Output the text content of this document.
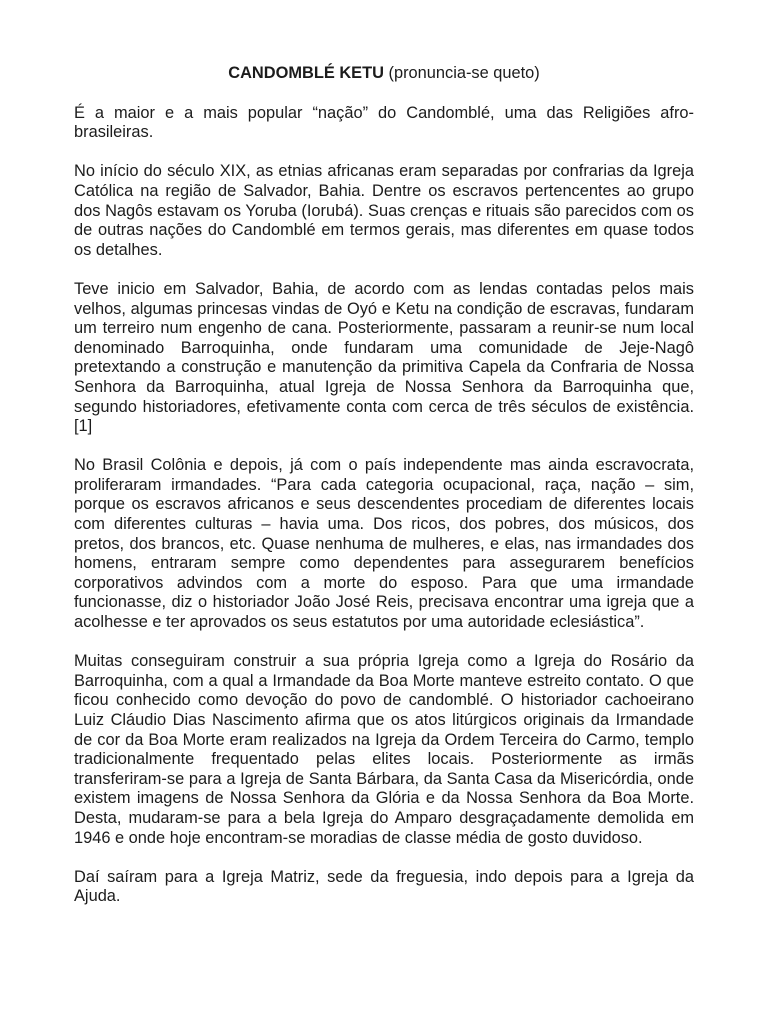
CANDOMBLÉ KETU (pronuncia-se queto)

É a maior e a mais popular “nação” do Candomblé, uma das Religiões afro-brasileiras.

No início do século XIX, as etnias africanas eram separadas por confrarias da Igreja Católica na região de Salvador, Bahia. Dentre os escravos pertencentes ao grupo dos Nagôs estavam os Yoruba (Iorubá). Suas crenças e rituais são parecidos com os de outras nações do Candomblé em termos gerais, mas diferentes em quase todos os detalhes.

Teve inicio em Salvador, Bahia, de acordo com as lendas contadas pelos mais velhos, algumas princesas vindas de Oyó e Ketu na condição de escravas, fundaram um terreiro num engenho de cana. Posteriormente, passaram a reunir-se num local denominado Barroquinha, onde fundaram uma comunidade de Jeje-Nagô pretextando a construção e manutenção da primitiva Capela da Confraria de Nossa Senhora da Barroquinha, atual Igreja de Nossa Senhora da Barroquinha que, segundo historiadores, efetivamente conta com cerca de três séculos de existência.[1]

No Brasil Colônia e depois, já com o país independente mas ainda escravocrata, proliferaram irmandades. “Para cada categoria ocupacional, raça, nação – sim, porque os escravos africanos e seus descendentes procediam de diferentes locais com diferentes culturas – havia uma. Dos ricos, dos pobres, dos músicos, dos pretos, dos brancos, etc. Quase nenhuma de mulheres, e elas, nas irmandades dos homens, entraram sempre como dependentes para assegurarem benefícios corporativos advindos com a morte do esposo. Para que uma irmandade funcionasse, diz o historiador João José Reis, precisava encontrar uma igreja que a acolhesse e ter aprovados os seus estatutos por uma autoridade eclesiástica”.

Muitas conseguiram construir a sua própria Igreja como a Igreja do Rosário da Barroquinha, com a qual a Irmandade da Boa Morte manteve estreito contato. O que ficou conhecido como devoção do povo de candomblé. O historiador cachoeirano Luiz Cláudio Dias Nascimento afirma que os atos litúrgicos originais da Irmandade de cor da Boa Morte eram realizados na Igreja da Ordem Terceira do Carmo, templo tradicionalmente frequentado pelas elites locais. Posteriormente as irmãs transferiram-se para a Igreja de Santa Bárbara, da Santa Casa da Misericórdia, onde existem imagens de Nossa Senhora da Glória e da Nossa Senhora da Boa Morte. Desta, mudaram-se para a bela Igreja do Amparo desgraçadamente demolida em 1946 e onde hoje encontram-se moradias de classe média de gosto duvidoso.

Daí saíram para a Igreja Matriz, sede da freguesia, indo depois para a Igreja da Ajuda.
